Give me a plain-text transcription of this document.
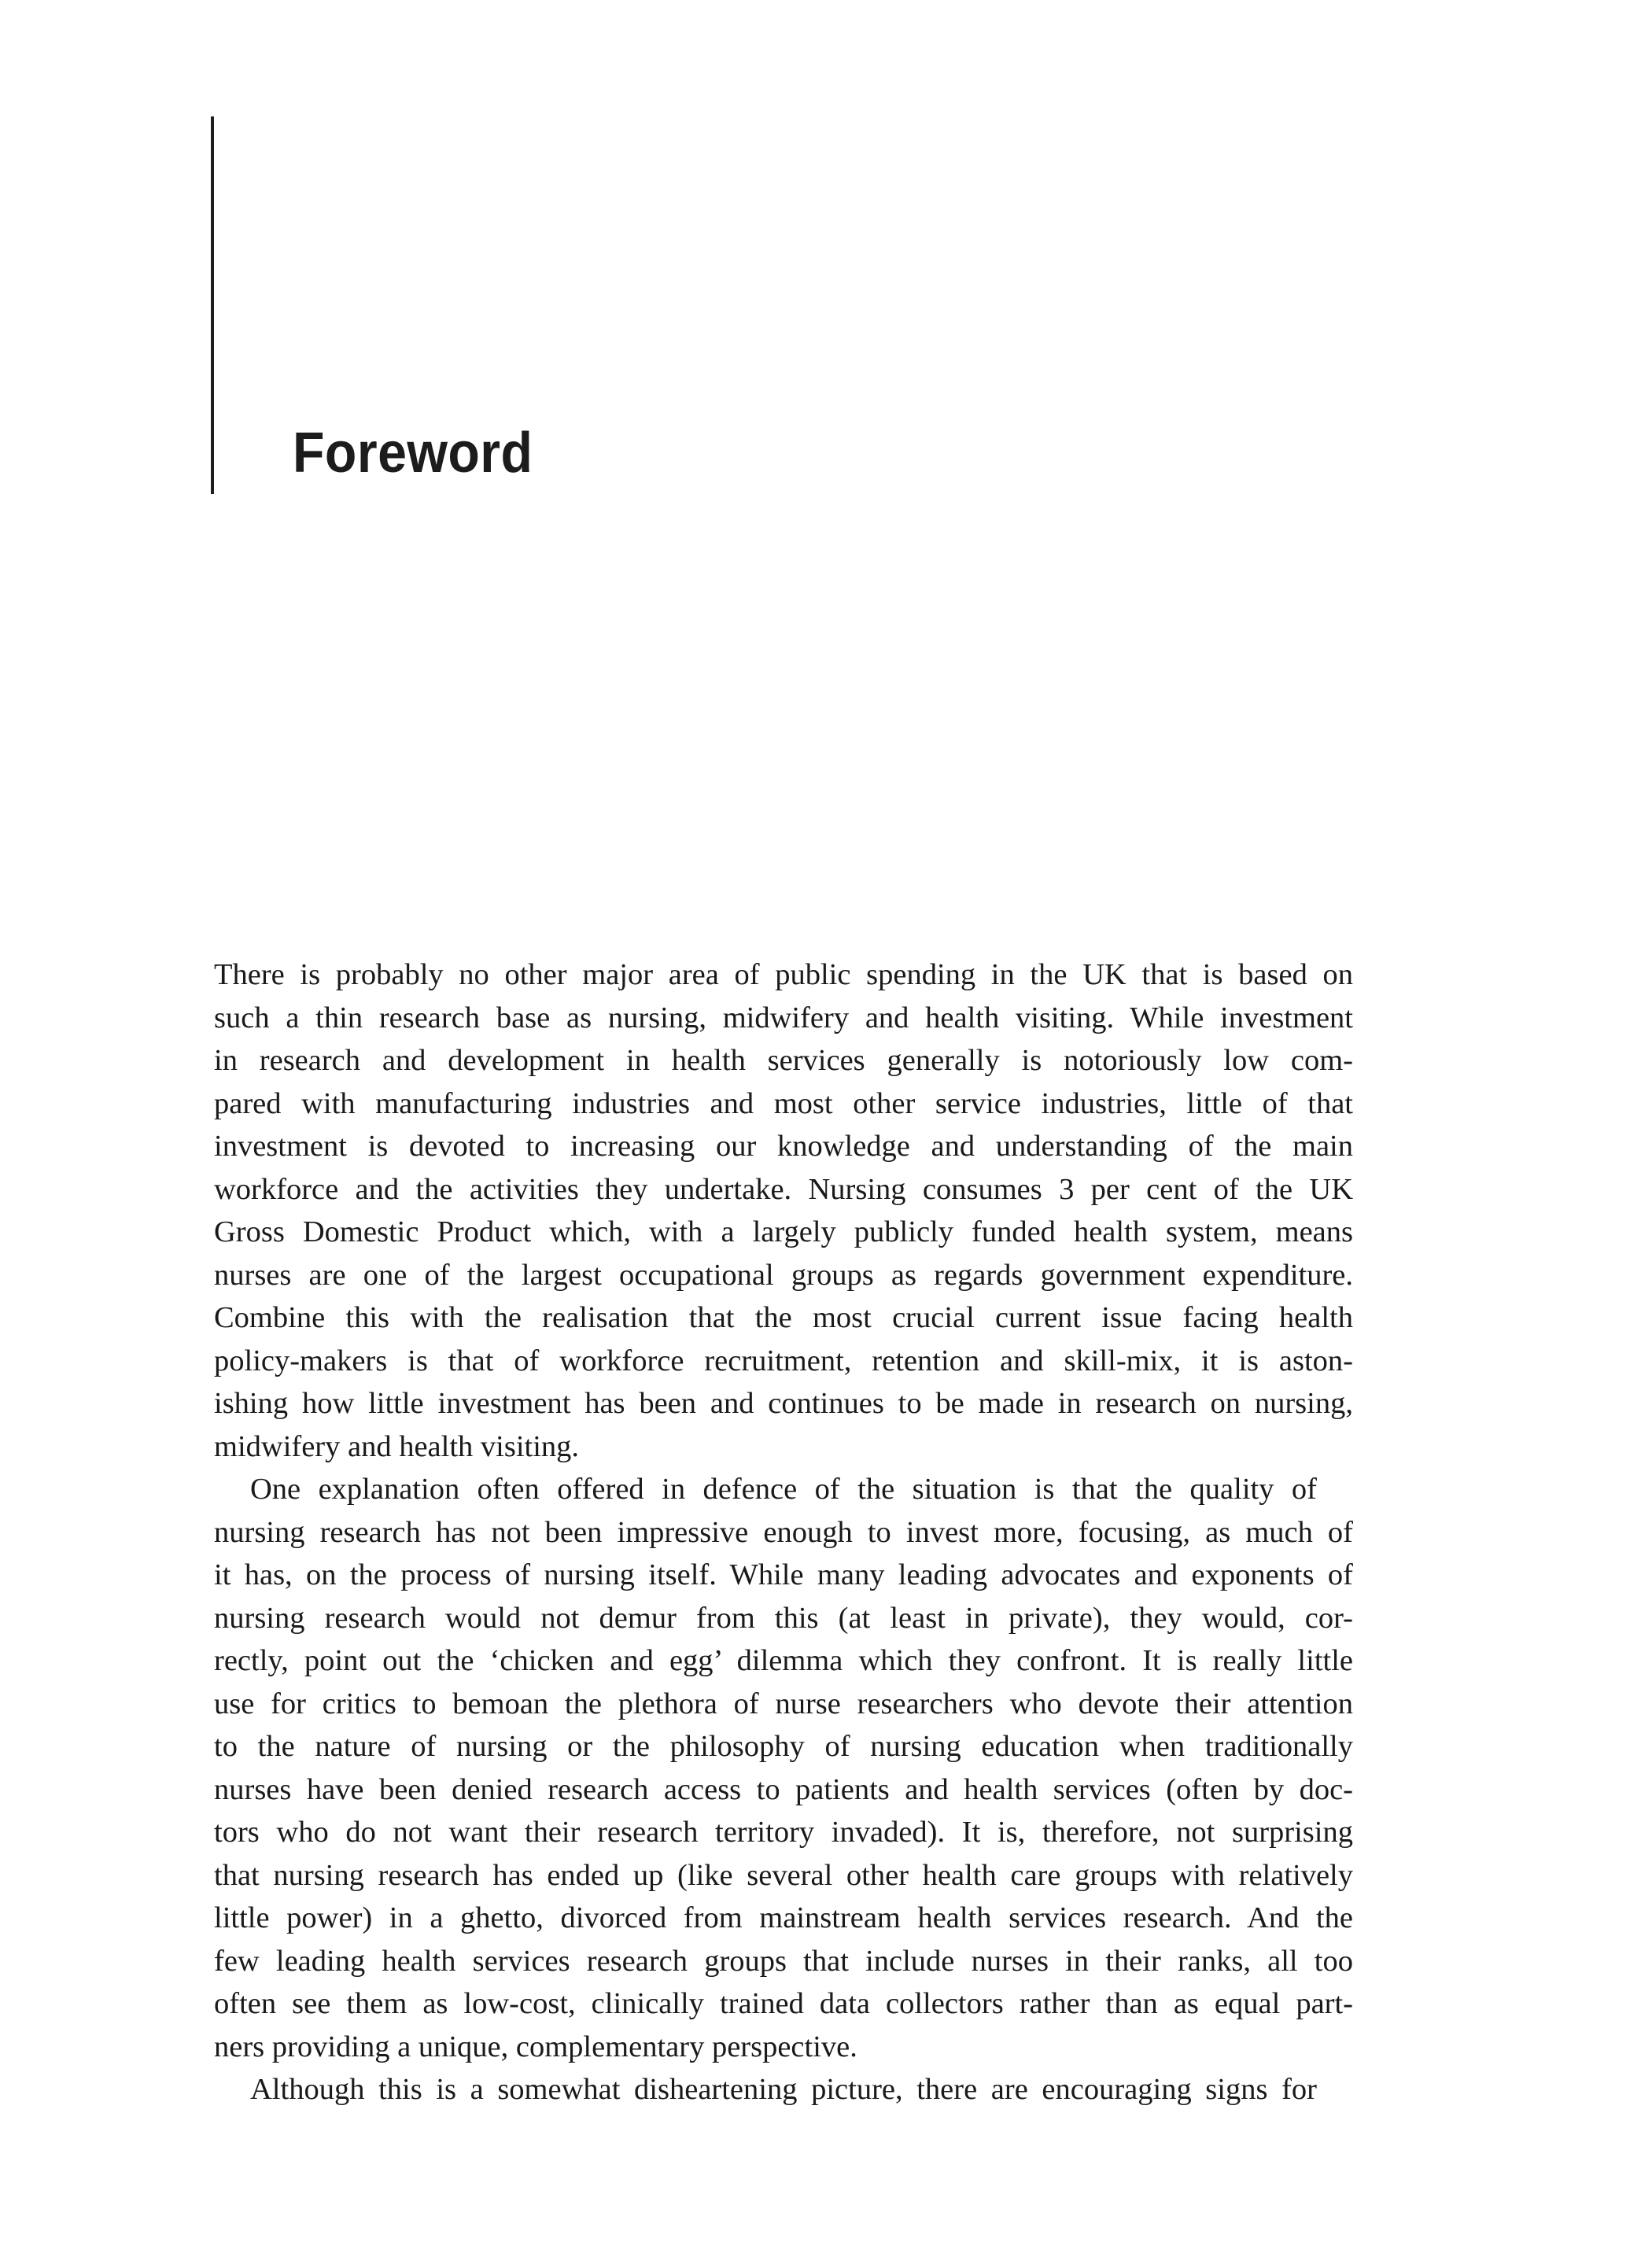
Foreword

There is probably no other major area of public spending in the UK that is based on
such a thin research base as nursing, midwifery and health visiting. While investment
in research and development in health services generally is notoriously low com-
pared with manufacturing industries and most other service industries, little of that
investment is devoted to increasing our knowledge and understanding of the main
workforce and the activities they undertake. Nursing consumes 3 per cent of the UK
Gross Domestic Product which, with a largely publicly funded health system, means
nurses are one of the largest occupational groups as regards government expenditure.
Combine this with the realisation that the most crucial current issue facing health
policy-makers is that of workforce recruitment, retention and skill-mix, it is aston-
ishing how little investment has been and continues to be made in research on nursing,
midwifery and health visiting.

One explanation often offered in defence of the situation is that the quality of
nursing research has not been impressive enough to invest more, focusing, as much of
it has, on the process of nursing itself. While many leading advocates and exponents of
nursing research would not demur from this (at least in private), they would, cor-
rectly, point out the ‘chicken and egg’ dilemma which they confront. It is really little
use for critics to bemoan the plethora of nurse researchers who devote their attention
to the nature of nursing or the philosophy of nursing education when traditionally
nurses have been denied research access to patients and health services (often by doc-
tors who do not want their research territory invaded). It is, therefore, not surprising
that nursing research has ended up (like several other health care groups with relatively
little power) in a ghetto, divorced from mainstream health services research. And the
few leading health services research groups that include nurses in their ranks, all too
often see them as low-cost, clinically trained data collectors rather than as equal part-
ners providing a unique, complementary perspective.

Although this is a somewhat disheartening picture, there are encouraging signs for
